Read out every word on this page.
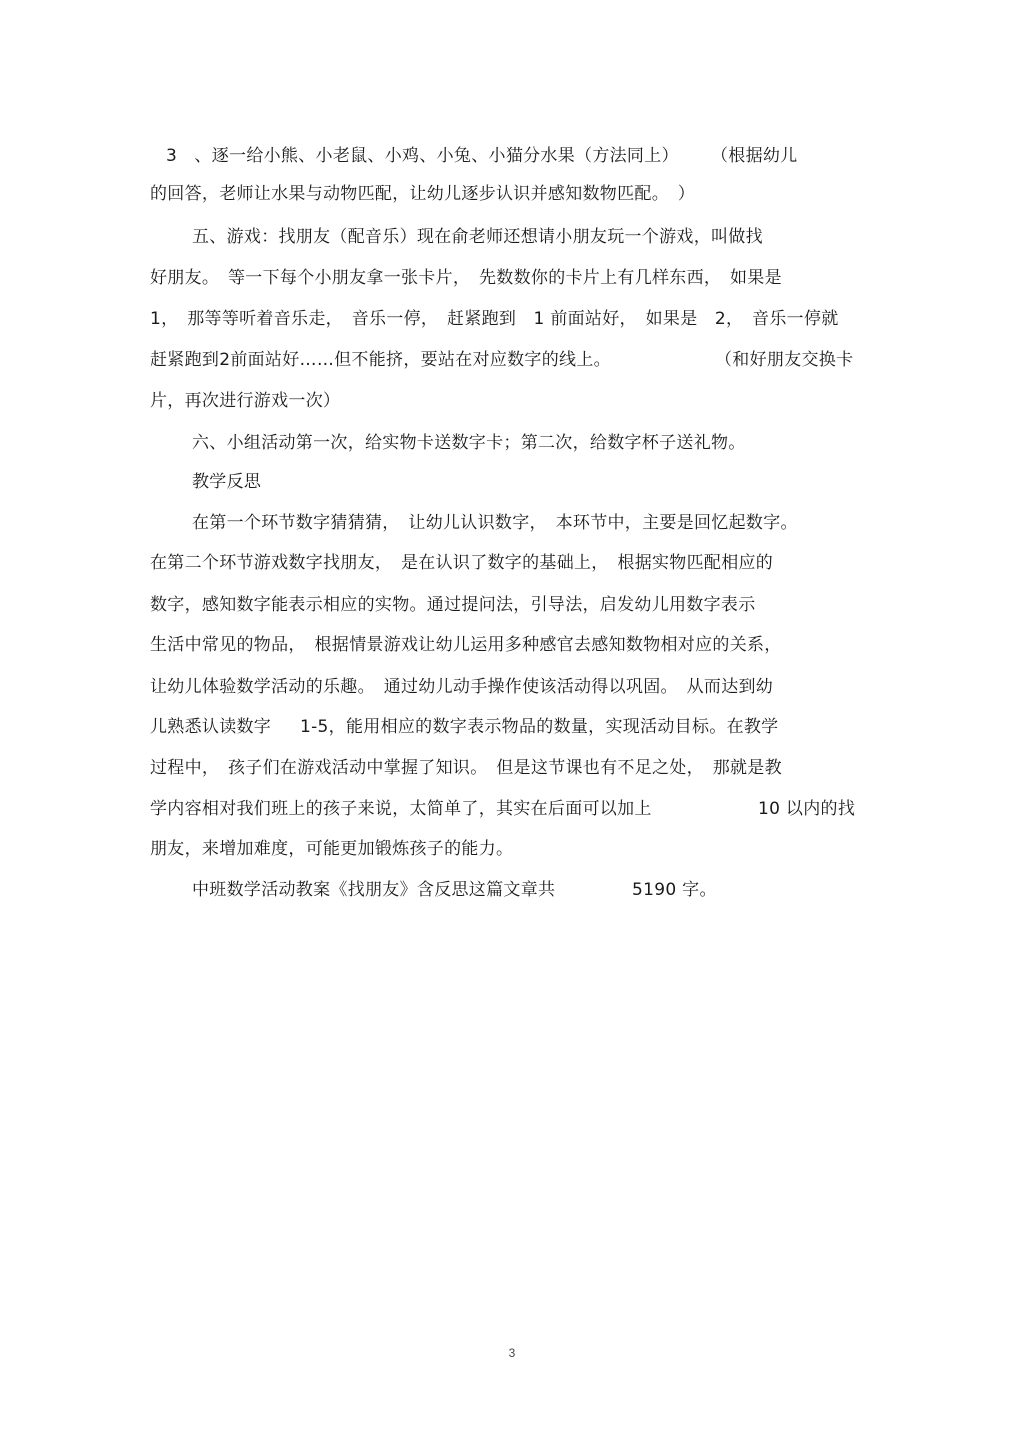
3　、逐一给小熊、小老鼠、小鸡、小兔、小猫分水果（方法同上） （根据幼儿
的回答，老师让水果与动物匹配，让幼儿逐步认识并感知数物匹配。　）
五、游戏：找朋友（配音乐）现在俞老师还想请小朋友玩一个游戏，叫做找
好朋友。　等一下每个小朋友拿一张卡片，　先数数你的卡片上有几样东西，　如果是
1，　那等等听着音乐走，　音乐一停，　赶紧跑到　1 前面站好，　如果是　2，　音乐一停就
赶紧跑到2前面站好……但不能挤，要站在对应数字的线上。	（和好朋友交换卡
片，再次进行游戏一次）
六、小组活动第一次，给实物卡送数字卡；第二次，给数字杯子送礼物。
教学反思
在第一个环节数字猜猜猜，　让幼儿认识数字，　本环节中，主要是回忆起数字。
在第二个环节游戏数字找朋友，　是在认识了数字的基础上，　根据实物匹配相应的
数字，感知数字能表示相应的实物。通过提问法，引导法，启发幼儿用数字表示
生活中常见的物品，　根据情景游戏让幼儿运用多种感官去感知数物相对应的关系，
让幼儿体验数学活动的乐趣。　通过幼儿动手操作使该活动得以巩固。　从而达到幼
儿熟悉认读数字 1-5，能用相应的数字表示物品的数量，实现活动目标。在教学
过程中，　孩子们在游戏活动中掌握了知识。　但是这节课也有不足之处，　那就是教
学内容相对我们班上的孩子来说，太简单了，其实在后面可以加上	10 以内的找
朋友，来增加难度，可能更加锻炼孩子的能力。
中班数学活动教案《找朋友》含反思这篇文章共	5190 字。
3
